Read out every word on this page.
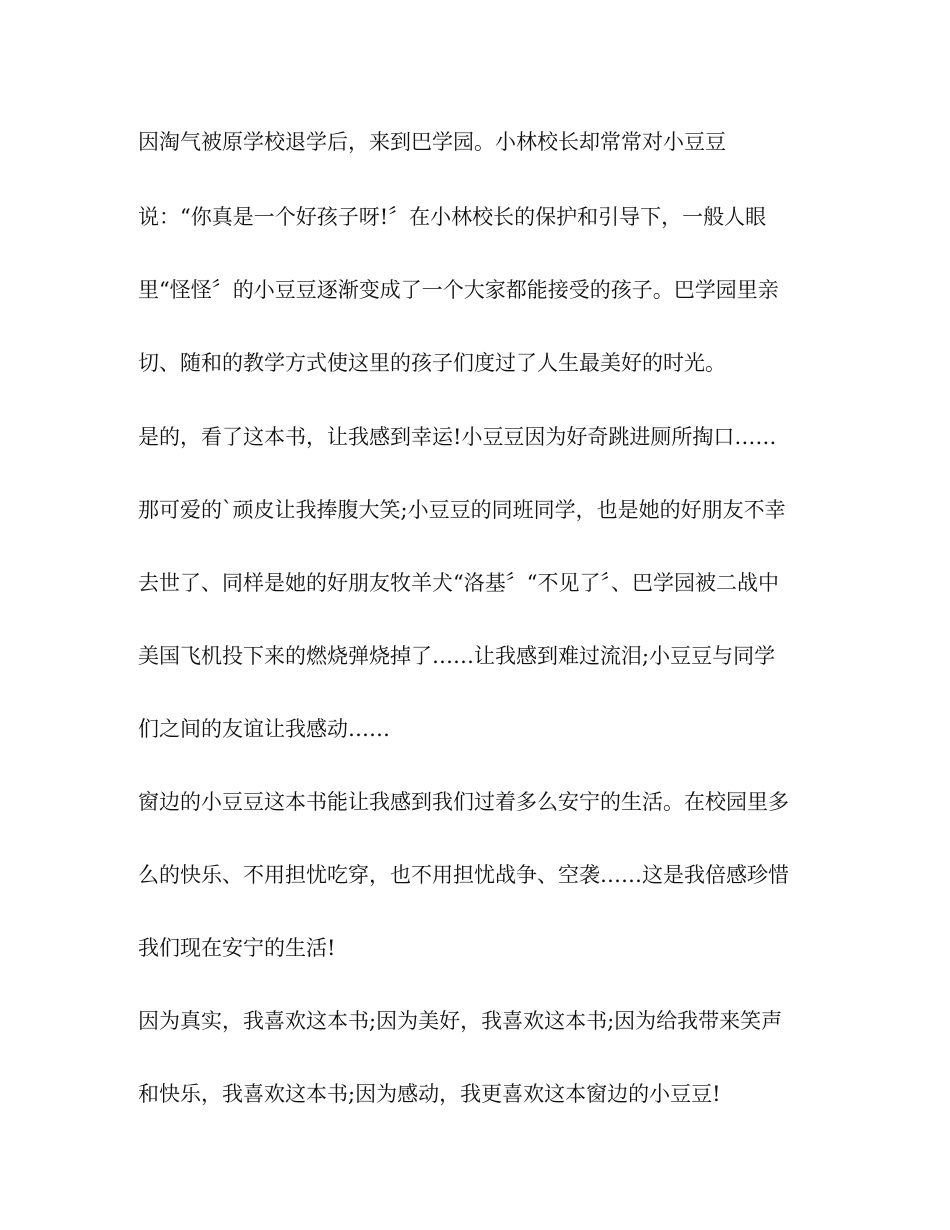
因淘气被原学校退学后，来到巴学园。小林校长却常常对小豆豆
说：“你真是一个好孩子呀!〞在小林校长的保护和引导下，一般人眼
里“怪怪〞的小豆豆逐渐变成了一个大家都能接受的孩子。巴学园里亲
切、随和的教学方式使这里的孩子们度过了人生最美好的时光。
是的，看了这本书，让我感到幸运!小豆豆因为好奇跳进厕所掏口……
那可爱的`顽皮让我捧腹大笑;小豆豆的同班同学，也是她的好朋友不幸
去世了、同样是她的好朋友牧羊犬“洛基〞“不见了〞、巴学园被二战中
美国飞机投下来的燃烧弹烧掉了……让我感到难过流泪;小豆豆与同学
们之间的友谊让我感动……
窗边的小豆豆这本书能让我感到我们过着多么安宁的生活。在校园里多
么的快乐、不用担忧吃穿，也不用担忧战争、空袭……这是我倍感珍惜
我们现在安宁的生活!
因为真实，我喜欢这本书;因为美好，我喜欢这本书;因为给我带来笑声
和快乐，我喜欢这本书;因为感动，我更喜欢这本窗边的小豆豆!
